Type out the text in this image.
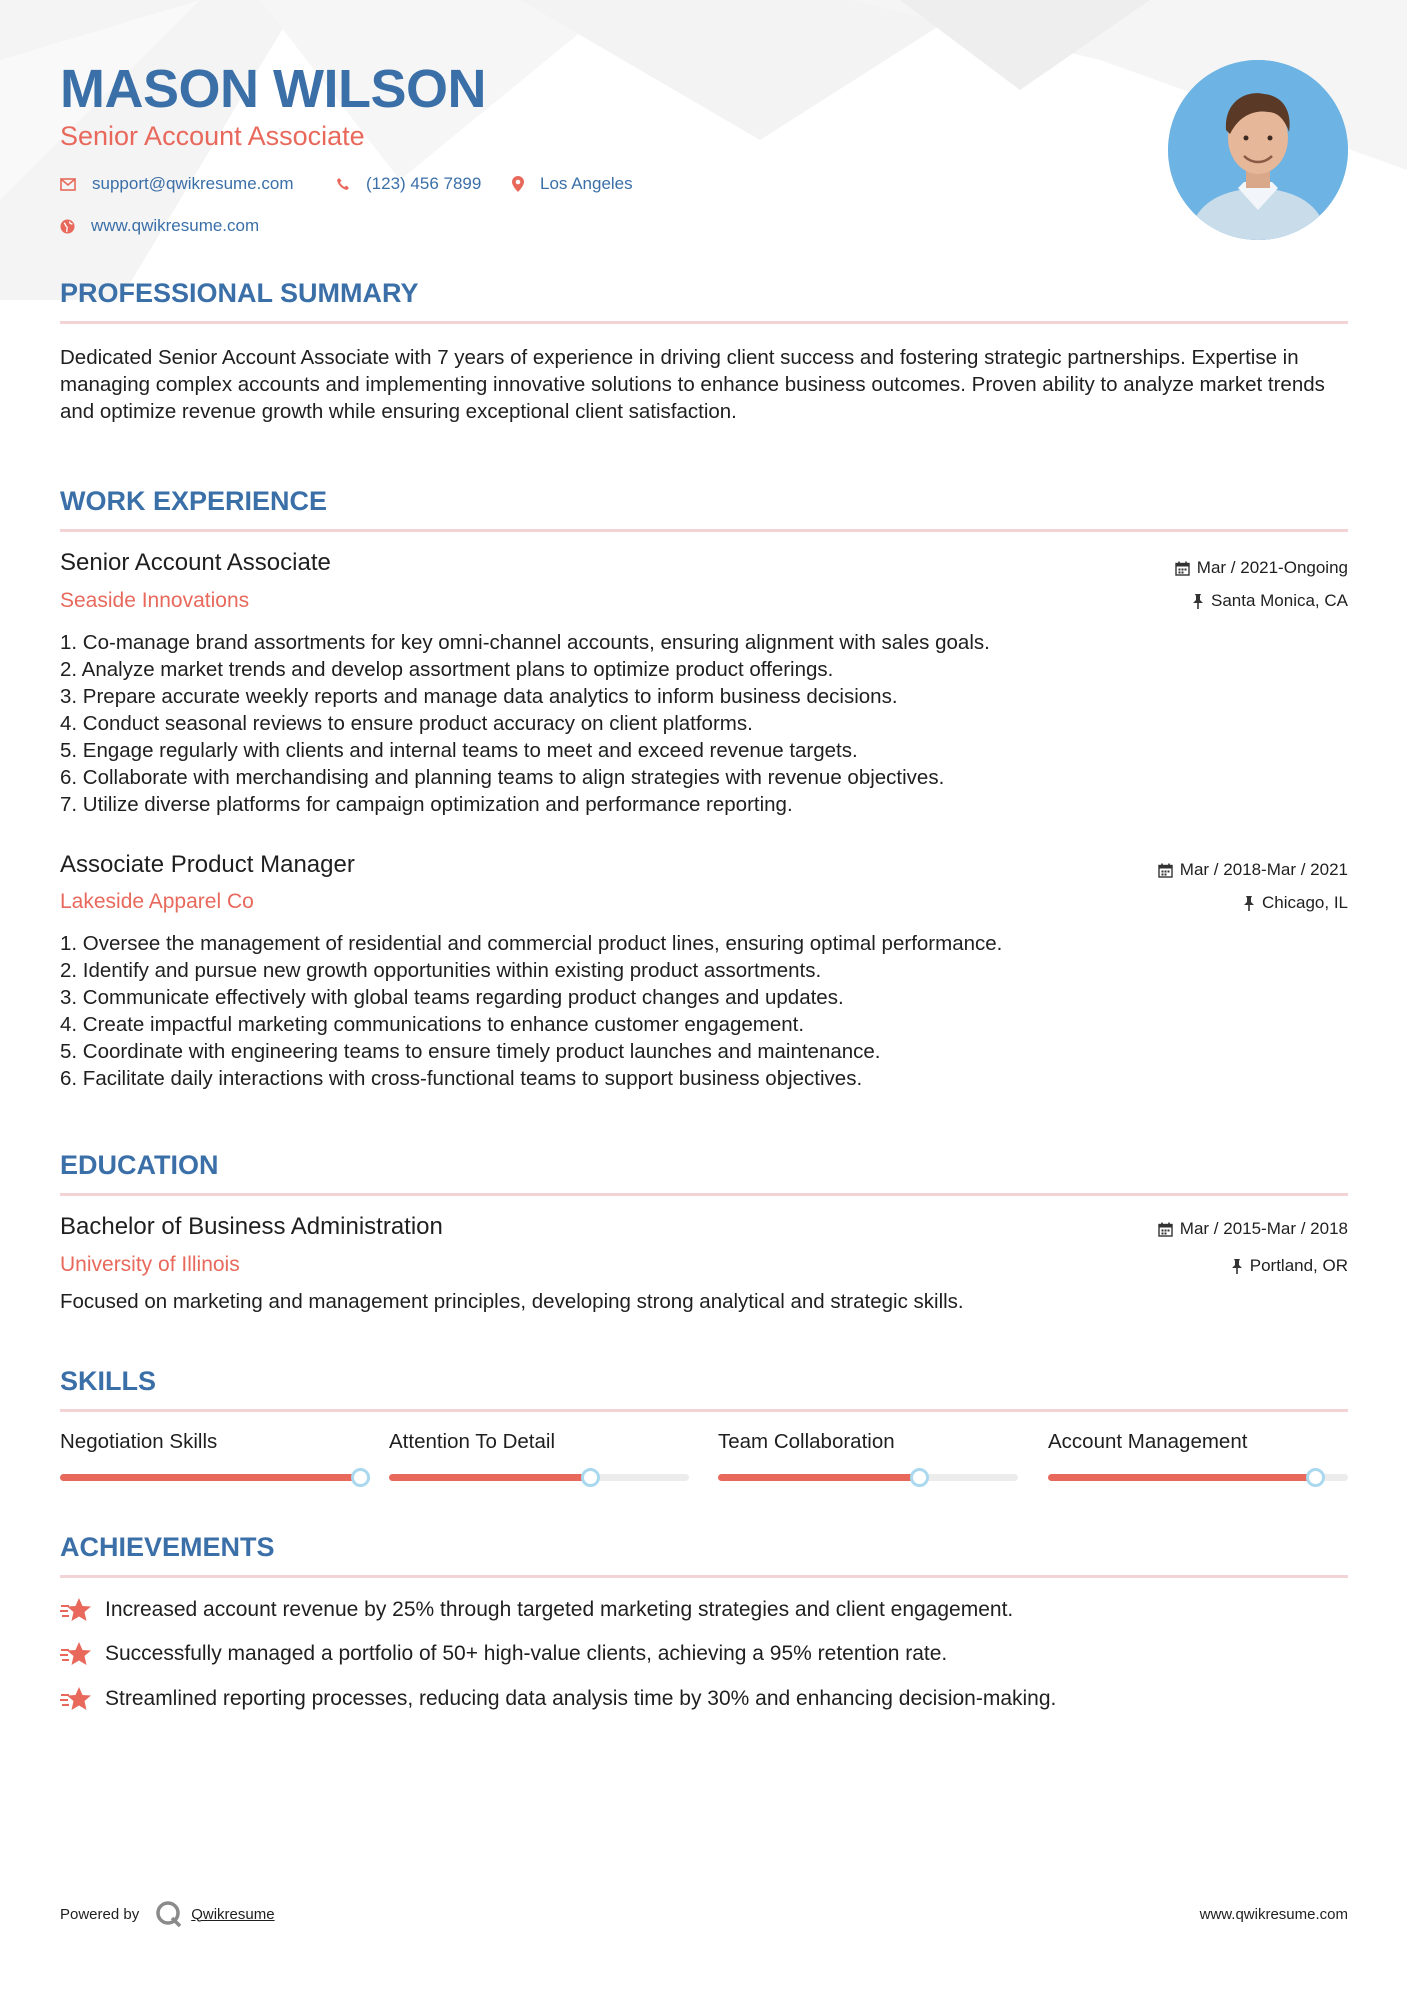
MASON WILSON
Senior Account Associate
support@qwikresume.com	(123) 456 7899	Los Angeles
www.qwikresume.com
PROFESSIONAL SUMMARY
Dedicated Senior Account Associate with 7 years of experience in driving client success and fostering strategic partnerships. Expertise in managing complex accounts and implementing innovative solutions to enhance business outcomes. Proven ability to analyze market trends and optimize revenue growth while ensuring exceptional client satisfaction.
WORK EXPERIENCE
Senior Account Associate
Seaside Innovations
Mar / 2021-Ongoing
Santa Monica, CA
1. Co-manage brand assortments for key omni-channel accounts, ensuring alignment with sales goals.
2. Analyze market trends and develop assortment plans to optimize product offerings.
3. Prepare accurate weekly reports and manage data analytics to inform business decisions.
4. Conduct seasonal reviews to ensure product accuracy on client platforms.
5. Engage regularly with clients and internal teams to meet and exceed revenue targets.
6. Collaborate with merchandising and planning teams to align strategies with revenue objectives.
7. Utilize diverse platforms for campaign optimization and performance reporting.
Associate Product Manager
Lakeside Apparel Co
Mar / 2018-Mar / 2021
Chicago, IL
1. Oversee the management of residential and commercial product lines, ensuring optimal performance.
2. Identify and pursue new growth opportunities within existing product assortments.
3. Communicate effectively with global teams regarding product changes and updates.
4. Create impactful marketing communications to enhance customer engagement.
5. Coordinate with engineering teams to ensure timely product launches and maintenance.
6. Facilitate daily interactions with cross-functional teams to support business objectives.
EDUCATION
Bachelor of Business Administration
University of Illinois
Mar / 2015-Mar / 2018
Portland, OR
Focused on marketing and management principles, developing strong analytical and strategic skills.
SKILLS
Negotiation Skills	Attention To Detail	Team Collaboration	Account Management
ACHIEVEMENTS
Increased account revenue by 25% through targeted marketing strategies and client engagement.
Successfully managed a portfolio of 50+ high-value clients, achieving a 95% retention rate.
Streamlined reporting processes, reducing data analysis time by 30% and enhancing decision-making.
Powered by	Qwikresume	www.qwikresume.com
